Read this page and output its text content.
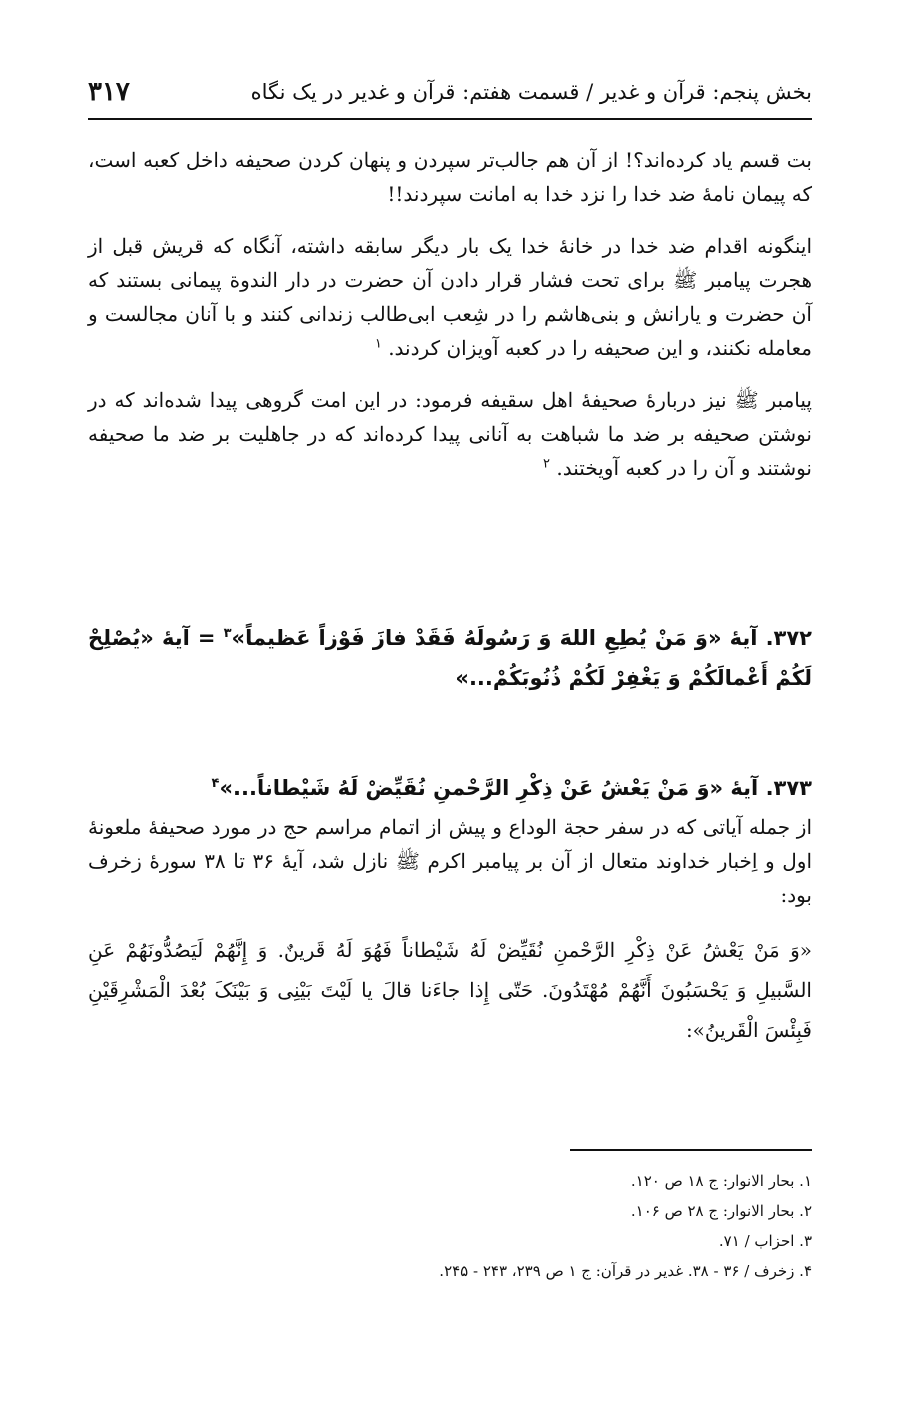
بخش پنجم: قرآن و غدیر / قسمت هفتم: قرآن و غدیر در یک نگاه
۳۱۷

بت قسم یاد کرده‌اند؟! از آن هم جالب‌تر سپردن و پنهان کردن صحیفه داخل کعبه است، که پیمان نامهٔ ضد خدا را نزد خدا به امانت سپردند!!

اینگونه اقدام ضد خدا در خانهٔ خدا یک بار دیگر سابقه داشته، آنگاه که قریش قبل از هجرت پیامبر ﷺ برای تحت فشار قرار دادن آن حضرت در دار الندوة پیمانی بستند که آن حضرت و یارانش و بنی‌هاشم را در شِعب ابی‌طالب زندانی کنند و با آنان مجالست و معامله نکنند، و این صحیفه را در کعبه آویزان کردند. $^۱$

پیامبر ﷺ نیز دربارهٔ صحیفهٔ اهل سقیفه فرمود: در این امت گروهی پیدا شده‌اند که در نوشتن صحیفه بر ضد ما شباهت به آنانی پیدا کرده‌اند که در جاهلیت بر ضد ما صحیفه نوشتند و آن را در کعبه آویختند. $^۲$

۳۷۲. آیهٔ «وَ مَنْ یُطِعِ اللهَ وَ رَسُولَهُ فَقَدْ فازَ فَوْزاً عَظیماً»$^۳$ = آیهٔ «یُصْلِحْ لَکُمْ أَعْمالَکُمْ وَ یَغْفِرْ لَکُمْ ذُنُوبَکُمْ...»
۳۷۳. آیهٔ «وَ مَنْ یَعْشُ عَنْ ذِکْرِ الرَّحْمنِ نُقَیِّضْ لَهُ شَیْطاناً...»$^۴$

از جمله آیاتی که در سفر حجة الوداع و پیش از اتمام مراسم حج در مورد صحیفهٔ ملعونهٔ اول و اِخبار خداوند متعال از آن بر پیامبر اکرم ﷺ نازل شد، آیهٔ ۳۶ تا ۳۸ سورهٔ زخرف بود:

«وَ مَنْ یَعْشُ عَنْ ذِکْرِ الرَّحْمنِ نُقَیِّضْ لَهُ شَیْطاناً فَهُوَ لَهُ قَرینٌ. وَ إِنَّهُمْ لَیَصُدُّونَهُمْ عَنِ السَّبیلِ وَ یَحْسَبُونَ أَنَّهُمْ مُهْتَدُونَ. حَتّی إِذا جاءَنا قالَ یا لَیْتَ بَیْنِی وَ بَیْنَکَ بُعْدَ الْمَشْرِقَیْنِ فَبِئْسَ الْقَرینُ»:

۱. بحار الانوار: ج ۱۸ ص ۱۲۰.
۲. بحار الانوار: ج ۲۸ ص ۱۰۶.
۳. احزاب / ۷۱.
۴. زخرف / ۳۶ - ۳۸. غدیر در قرآن: ج ۱ ص ۲۳۹، ۲۴۳ - ۲۴۵.
